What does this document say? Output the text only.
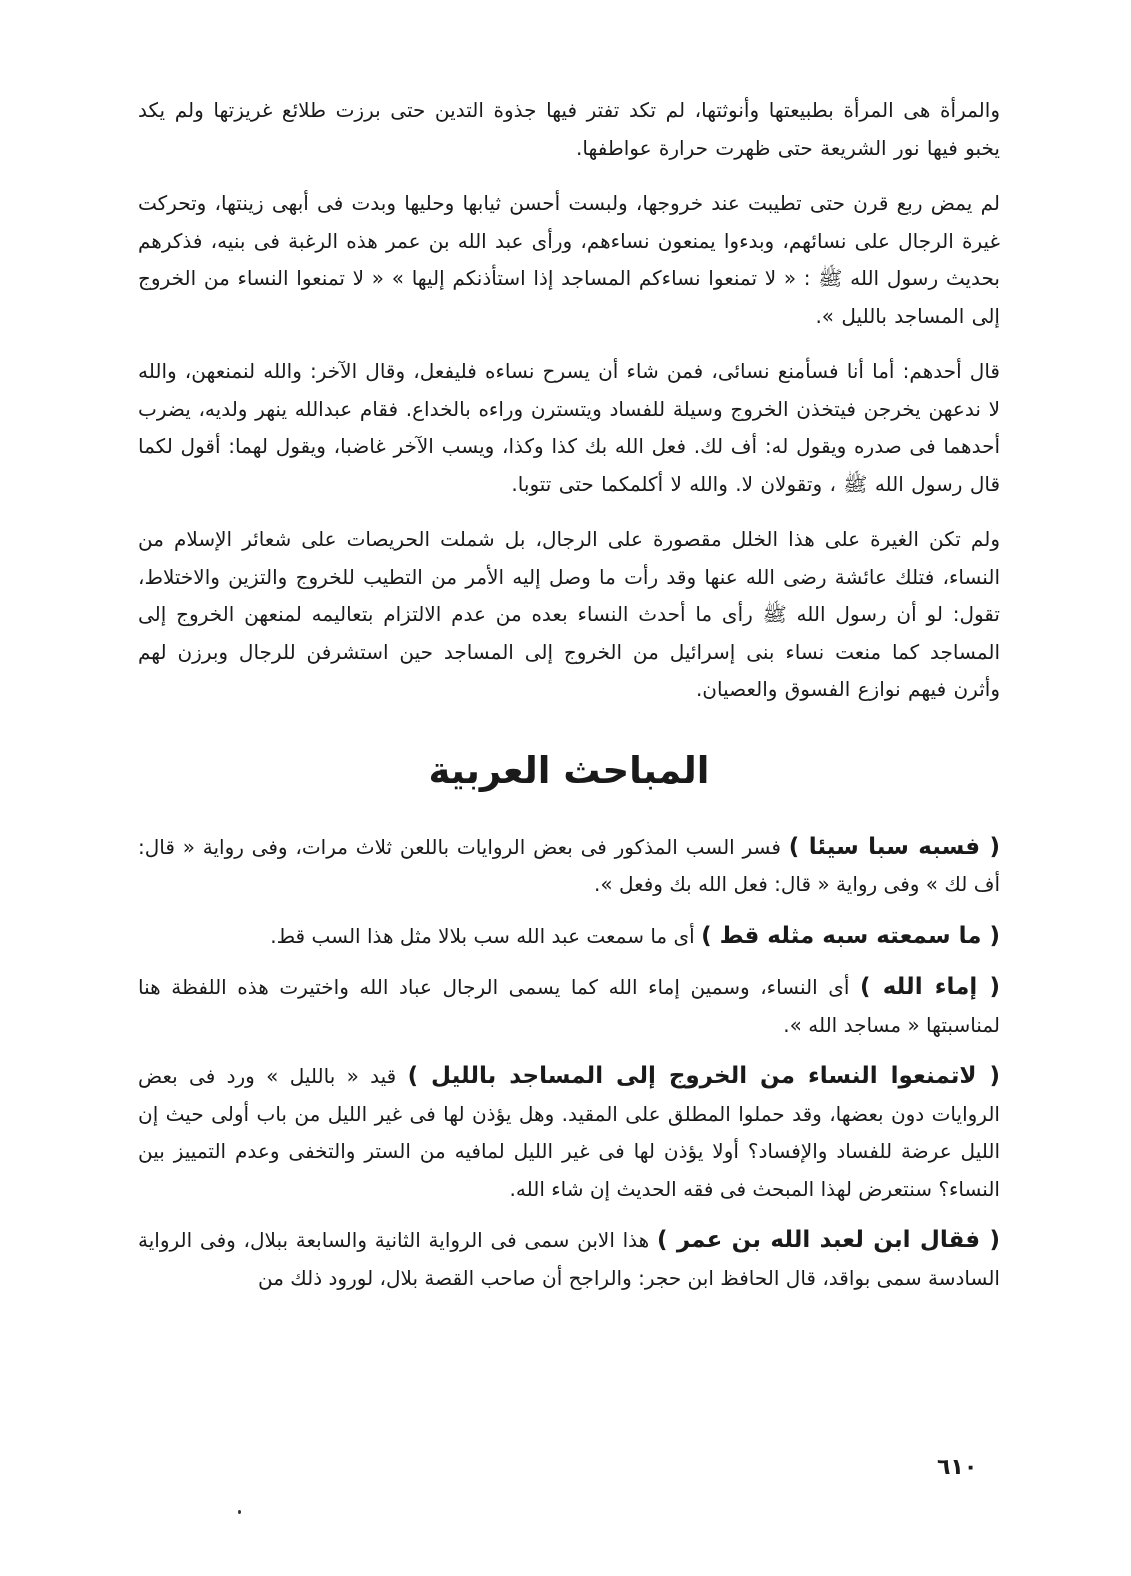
والمرأة هى المرأة بطبيعتها وأنوثتها، لم تكد تفتر فيها جذوة التدين حتى برزت طلائع غريزتها ولم يكد يخبو فيها نور الشريعة حتى ظهرت حرارة عواطفها.

لم يمض ربع قرن حتى تطيبت عند خروجها، ولبست أحسن ثيابها وحليها وبدت فى أبهى زينتها، وتحركت غيرة الرجال على نسائهم، وبدءوا يمنعون نساءهم، ورأى عبد الله بن عمر هذه الرغبة فى بنيه، فذكرهم بحديث رسول الله ﷺ : « لا تمنعوا نساءكم المساجد إذا استأذنكم إليها » « لا تمنعوا النساء من الخروج إلى المساجد بالليل ».

قال أحدهم: أما أنا فسأمنع نسائى، فمن شاء أن يسرح نساءه فليفعل، وقال الآخر: والله لنمنعهن، والله لا ندعهن يخرجن فيتخذن الخروج وسيلة للفساد ويتسترن وراءه بالخداع. فقام عبدالله ينهر ولديه، يضرب أحدهما فى صدره ويقول له: أف لك. فعل الله بك كذا وكذا، ويسب الآخر غاضبا، ويقول لهما: أقول لكما قال رسول الله ﷺ ، وتقولان لا. والله لا أكلمكما حتى تتوبا.

ولم تكن الغيرة على هذا الخلل مقصورة على الرجال، بل شملت الحريصات على شعائر الإسلام من النساء، فتلك عائشة رضى الله عنها وقد رأت ما وصل إليه الأمر من التطيب للخروج والتزين والاختلاط، تقول: لو أن رسول الله ﷺ رأى ما أحدث النساء بعده من عدم الالتزام بتعاليمه لمنعهن الخروج إلى المساجد كما منعت نساء بنى إسرائيل من الخروج إلى المساجد حين استشرفن للرجال وبرزن لهم وأثرن فيهم نوازع الفسوق والعصيان.

المباحث العربية

( فسبه سبا سيئا ) فسر السب المذكور فى بعض الروايات باللعن ثلاث مرات، وفى رواية « قال: أف لك » وفى رواية « قال: فعل الله بك وفعل ».

( ما سمعته سبه مثله قط ) أى ما سمعت عبد الله سب بلالا مثل هذا السب قط.

( إماء الله ) أى النساء، وسمين إماء الله كما يسمى الرجال عباد الله واختيرت هذه اللفظة هنا لمناسبتها « مساجد الله ».

( لاتمنعوا النساء من الخروج إلى المساجد بالليل ) قيد « بالليل » ورد فى بعض الروايات دون بعضها، وقد حملوا المطلق على المقيد. وهل يؤذن لها فى غير الليل من باب أولى حيث إن الليل عرضة للفساد والإفساد؟ أولا يؤذن لها فى غير الليل لمافيه من الستر والتخفى وعدم التمييز بين النساء؟ سنتعرض لهذا المبحث فى فقه الحديث إن شاء الله.

( فقال ابن لعبد الله بن عمر ) هذا الابن سمى فى الرواية الثانية والسابعة ببلال، وفى الرواية السادسة سمى بواقد، قال الحافظ ابن حجر: والراجح أن صاحب القصة بلال، لورود ذلك من

٦١٠
